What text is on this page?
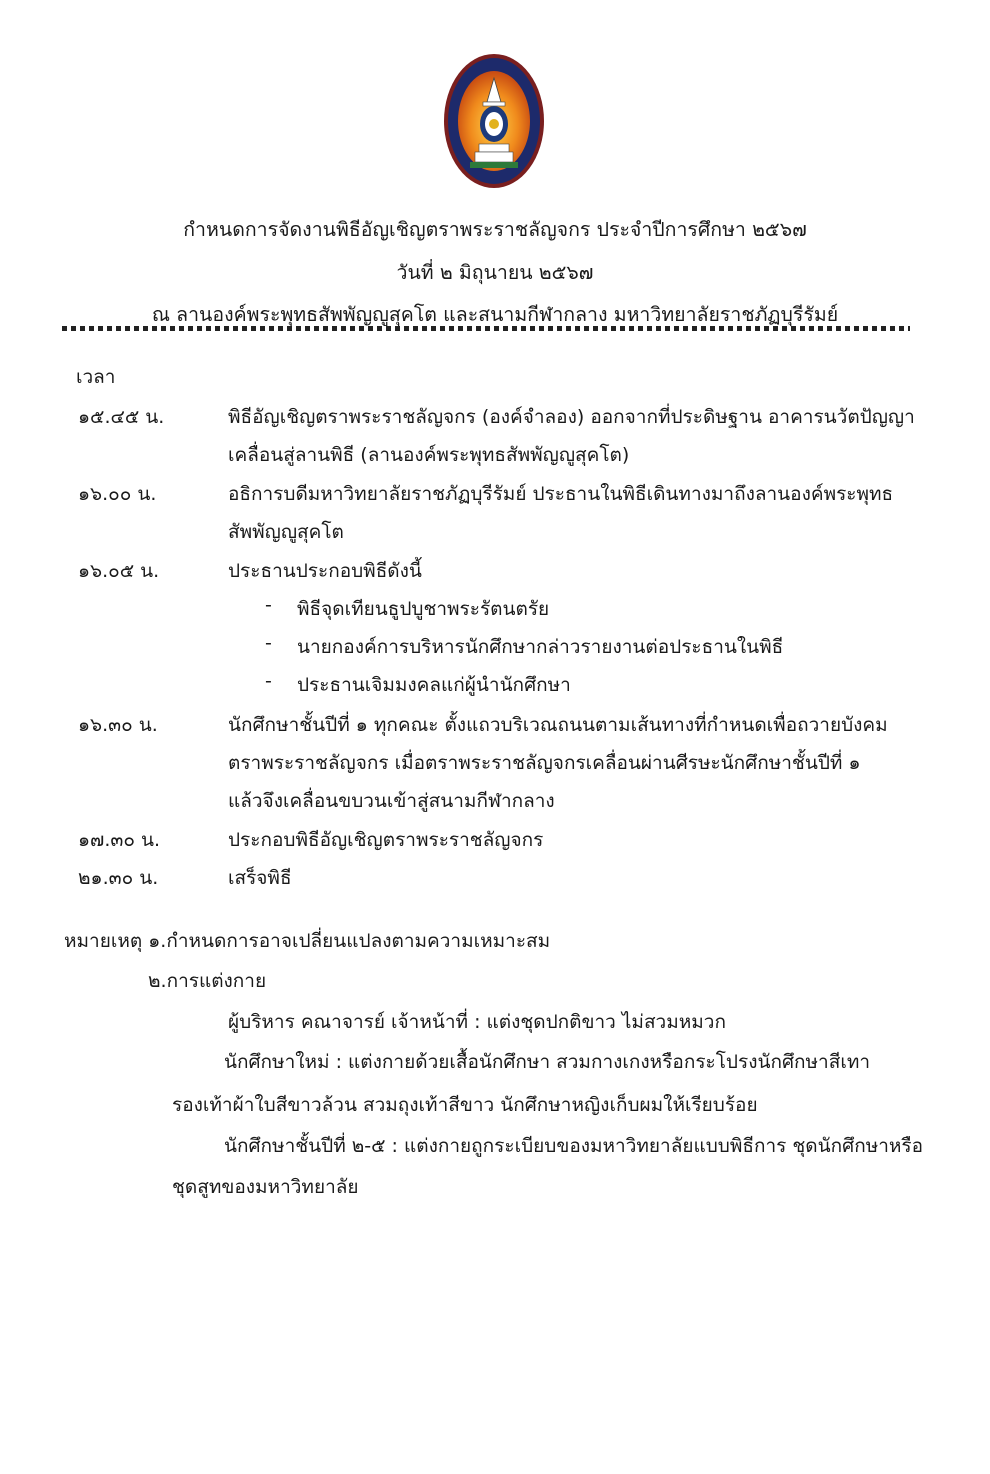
กำหนดการจัดงานพิธีอัญเชิญตราพระราชลัญจกร ประจำปีการศึกษา ๒๕๖๗
วันที่ ๒ มิถุนายน ๒๕๖๗
ณ ลานองค์พระพุทธสัพพัญญูสุคโต และสนามกีฬากลาง มหาวิทยาลัยราชภัฏบุรีรัมย์
เวลา
๑๕.๔๕ น.	พิธีอัญเชิญตราพระราชลัญจกร (องค์จำลอง) ออกจากที่ประดิษฐาน อาคารนวัตปัญญา
เคลื่อนสู่ลานพิธี (ลานองค์พระพุทธสัพพัญญูสุคโต)
๑๖.๐๐ น.	อธิการบดีมหาวิทยาลัยราชภัฏบุรีรัมย์ ประธานในพิธีเดินทางมาถึงลานองค์พระพุทธ
สัพพัญญูสุคโต
๑๖.๐๕ น.	ประธานประกอบพิธีดังนี้
- พิธีจุดเทียนธูปบูชาพระรัตนตรัย
- นายกองค์การบริหารนักศึกษากล่าวรายงานต่อประธานในพิธี
- ประธานเจิมมงคลแก่ผู้นำนักศึกษา
๑๖.๓๐ น.	นักศึกษาชั้นปีที่ ๑ ทุกคณะ ตั้งแถวบริเวณถนนตามเส้นทางที่กำหนดเพื่อถวายบังคม
ตราพระราชลัญจกร เมื่อตราพระราชลัญจกรเคลื่อนผ่านศีรษะนักศึกษาชั้นปีที่ ๑
แล้วจึงเคลื่อนขบวนเข้าสู่สนามกีฬากลาง
๑๗.๓๐ น.	ประกอบพิธีอัญเชิญตราพระราชลัญจกร
๒๑.๓๐ น.	เสร็จพิธี
หมายเหตุ ๑.กำหนดการอาจเปลี่ยนแปลงตามความเหมาะสม
๒.การแต่งกาย
ผู้บริหาร คณาจารย์ เจ้าหน้าที่ : แต่งชุดปกติขาว ไม่สวมหมวก
นักศึกษาใหม่ : แต่งกายด้วยเสื้อนักศึกษา สวมกางเกงหรือกระโปรงนักศึกษาสีเทา
รองเท้าผ้าใบสีขาวล้วน สวมถุงเท้าสีขาว นักศึกษาหญิงเก็บผมให้เรียบร้อย
นักศึกษาชั้นปีที่ ๒-๕ : แต่งกายถูกระเบียบของมหาวิทยาลัยแบบพิธีการ ชุดนักศึกษาหรือ
ชุดสูทของมหาวิทยาลัย
